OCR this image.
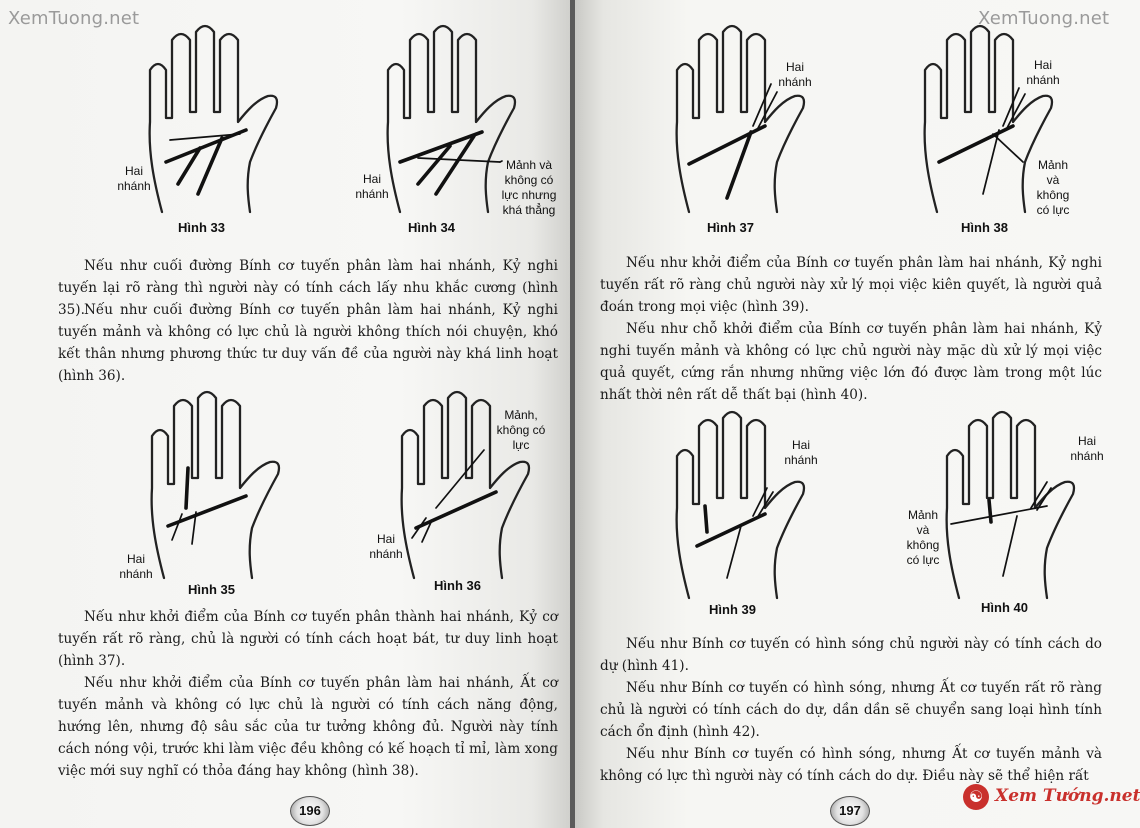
XemTuong.net
Hai
nhánh
Hình 33
Hai
nhánh
Mảnh và
không có
lực nhưng
khá thẳng
Hình 34

Nếu như cuối đường Bính cơ tuyến phân làm hai nhánh, Kỷ nghi tuyến lại rõ ràng thì người này có tính cách lấy nhu khắc cương (hình 35). Nếu như cuối đường Bính cơ tuyến phân làm hai nhánh, Kỷ nghi tuyến mảnh và không có lực chủ là người không thích nói chuyện, khó kết thân nhưng phương thức tư duy vấn đề của người này khá linh hoạt (hình 36).

Hai
nhánh
Hình 35
Hai
nhánh
Mảnh,
không có
lực
Hình 36

Nếu như khởi điểm của Bính cơ tuyến phân thành hai nhánh, Kỷ cơ tuyến rất rõ ràng, chủ là người có tính cách hoạt bát, tư duy linh hoạt (hình 37).

Nếu như khởi điểm của Bính cơ tuyến phân làm hai nhánh, Ất cơ tuyến mảnh và không có lực chủ là người có tính cách năng động, hướng lên, nhưng độ sâu sắc của tư tưởng không đủ. Người này tính cách nóng vội, trước khi làm việc đều không có kế hoạch tỉ mỉ, làm xong việc mới suy nghĩ có thỏa đáng hay không (hình 38).

196
XemTuong.net
Hai
nhánh
Hình 37
Hai
nhánh
Mảnh
và
không
có lực
Hình 38

Nếu như khởi điểm của Bính cơ tuyến phân làm hai nhánh, Kỷ nghi tuyến rất rõ ràng chủ người này xử lý mọi việc kiên quyết, là người quả đoán trong mọi việc (hình 39).

Nếu như chỗ khởi điểm của Bính cơ tuyến phân làm hai nhánh, Kỷ nghi tuyến mảnh và không có lực chủ người này mặc dù xử lý mọi việc quả quyết, cứng rắn nhưng những việc lớn đó được làm trong một lúc nhất thời nên rất dễ thất bại (hình 40).

Hai
nhánh
Hình 39
Hai
nhánh
Mảnh
và
không
có lực
Hình 40

Nếu như Bính cơ tuyến có hình sóng chủ người này có tính cách do dự (hình 41).

Nếu như Bính cơ tuyến có hình sóng, nhưng Ất cơ tuyến rất rõ ràng chủ là người có tính cách do dự, dần dần sẽ chuyển sang loại hình tính cách ổn định (hình 42).

Nếu như Bính cơ tuyến có hình sóng, nhưng Ất cơ tuyến mảnh và không có lực thì người này có tính cách do dự. Điều này sẽ thể hiện rất

197
☯ Xem Tướng.net
